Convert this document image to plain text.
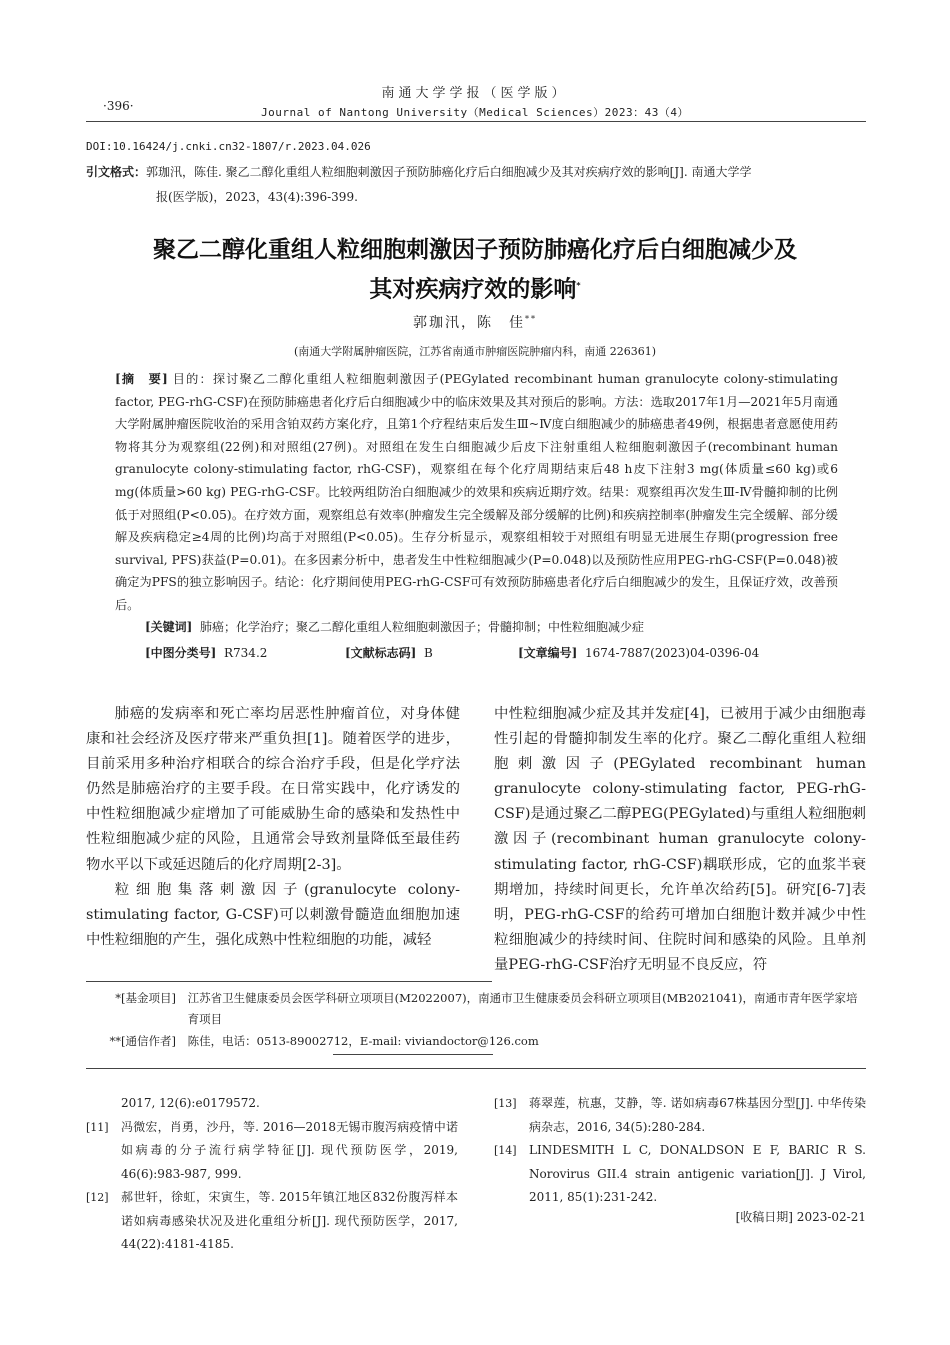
·396·
南通大学学报（医学版）
Journal of Nantong University（Medical Sciences）2023：43（4）
DOI:10.16424/j.cnki.cn32-1807/r.2023.04.026
引文格式：郭珈汛，陈佳. 聚乙二醇化重组人粒细胞刺激因子预防肺癌化疗后白细胞减少及其对疾病疗效的影响[J]. 南通大学学
报(医学版)，2023，43(4):396-399.
聚乙二醇化重组人粒细胞刺激因子预防肺癌化疗后白细胞减少及
其对疾病疗效的影响*
郭珈汛，陈　佳**
(南通大学附属肿瘤医院，江苏省南通市肿瘤医院肿瘤内科，南通 226361)
[摘　要] 目的：探讨聚乙二醇化重组人粒细胞刺激因子(PEGylated recombinant human granulocyte colony-stimulating factor, PEG-rhG-CSF)在预防肺癌患者化疗后白细胞减少中的临床效果及其对预后的影响。方法：选取2017年1月—2021年5月南通大学附属肿瘤医院收治的采用含铂双药方案化疗，且第1个疗程结束后发生Ⅲ~Ⅳ度白细胞减少的肺癌患者49例，根据患者意愿使用药物将其分为观察组(22例)和对照组(27例)。对照组在发生白细胞减少后皮下注射重组人粒细胞刺激因子(recombinant human granulocyte colony-stimulating factor, rhG-CSF)，观察组在每个化疗周期结束后48 h皮下注射3 mg(体质量≤60 kg)或6 mg(体质量>60 kg) PEG-rhG-CSF。比较两组防治白细胞减少的效果和疾病近期疗效。结果：观察组再次发生Ⅲ-Ⅳ骨髓抑制的比例低于对照组(P<0.05)。在疗效方面，观察组总有效率(肿瘤发生完全缓解及部分缓解的比例)和疾病控制率(肿瘤发生完全缓解、部分缓解及疾病稳定≥4周的比例)均高于对照组(P<0.05)。生存分析显示，观察组相较于对照组有明显无进展生存期(progression free survival, PFS)获益(P=0.01)。在多因素分析中，患者发生中性粒细胞减少(P=0.048)以及预防性应用PEG-rhG-CSF(P=0.048)被确定为PFS的独立影响因子。结论：化疗期间使用PEG-rhG-CSF可有效预防肺癌患者化疗后白细胞减少的发生，且保证疗效，改善预后。
[关键词] 肺癌；化学治疗；聚乙二醇化重组人粒细胞刺激因子；骨髓抑制；中性粒细胞减少症
[中图分类号] R734.2	[文献标志码] B	[文章编号] 1674-7887(2023)04-0396-04

肺癌的发病率和死亡率均居恶性肿瘤首位，对身体健康和社会经济及医疗带来严重负担[1]。随着医学的进步，目前采用多种治疗相联合的综合治疗手段，但是化学疗法仍然是肺癌治疗的主要手段。在日常实践中，化疗诱发的中性粒细胞减少症增加了可能威胁生命的感染和发热性中性粒细胞减少症的风险，且通常会导致剂量降低至最佳药物水平以下或延迟随后的化疗周期[2-3]。

粒细胞集落刺激因子(granulocyte colony-stimulating factor, G-CSF)可以刺激骨髓造血细胞加速中性粒细胞的产生，强化成熟中性粒细胞的功能，减轻

中性粒细胞减少症及其并发症[4]，已被用于减少由细胞毒性引起的骨髓抑制发生率的化疗。聚乙二醇化重组人粒细胞刺激因子(PEGylated recombinant human granulocyte colony-stimulating factor, PEG-rhG-CSF)是通过聚乙二醇PEG(PEGylated)与重组人粒细胞刺激因子(recombinant human granulocyte colony-stimulating factor, rhG-CSF)耦联形成，它的血浆半衰期增加，持续时间更长，允许单次给药[5]。研究[6-7]表明，PEG-rhG-CSF的给药可增加白细胞计数并减少中性粒细胞减少的持续时间、住院时间和感染的风险。且单剂量PEG-rhG-CSF治疗无明显不良反应，符

*[基金项目] 江苏省卫生健康委员会医学科研立项项目(M2022007)，南通市卫生健康委员会科研立项项目(MB2021041)，南通市青年医学家培育项目
**[通信作者] 陈佳，电话：0513-89002712，E-mail: viviandoctor@126.com
2017, 12(6):e0179572.
[11]	冯微宏，肖勇，沙丹，等. 2016—2018无锡市腹泻病疫情中诺如病毒的分子流行病学特征[J]. 现代预防医学，2019, 46(6):983-987, 999.
[12]	郝世轩，徐虹，宋寅生，等. 2015年镇江地区832份腹泻样本诺如病毒感染状况及进化重组分析[J]. 现代预防医学，2017, 44(22):4181-4185.
[13]	蒋翠莲，杭惠，艾静，等. 诺如病毒67株基因分型[J]. 中华传染病杂志，2016, 34(5):280-284.
[14]	LINDESMITH L C, DONALDSON E F, BARIC R S. Norovirus GII.4 strain antigenic variation[J]. J Virol, 2011, 85(1):231-242.
[收稿日期] 2023-02-21
